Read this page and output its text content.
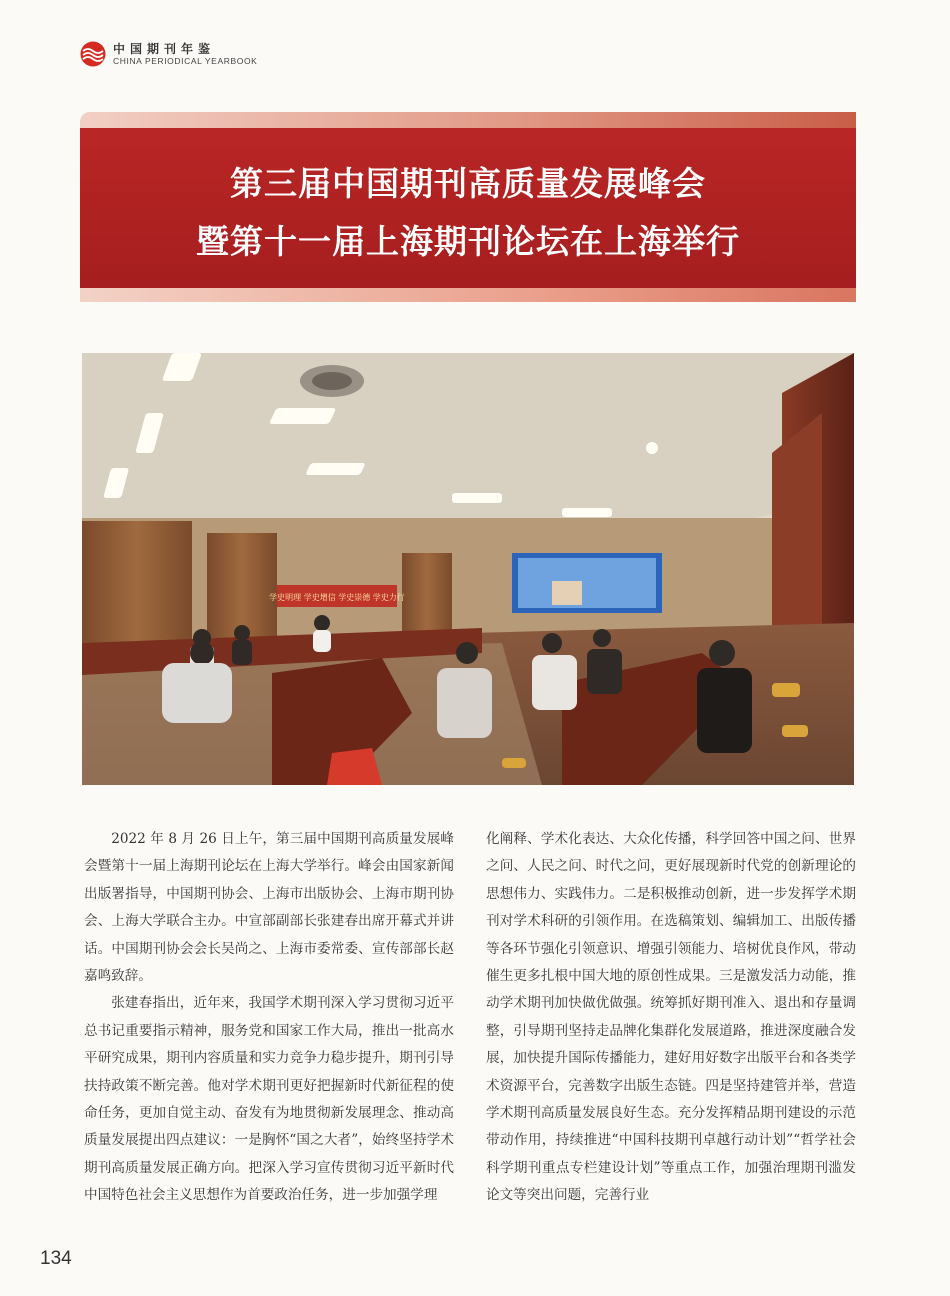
中国期刊年鉴
CHINA PERIODICAL YEARBOOK
第三届中国期刊高质量发展峰会
暨第十一届上海期刊论坛在上海举行
学史明理 学史增信 学史崇德 学史力行

2022 年 8 月 26 日上午，第三届中国期刊高质量发展峰会暨第十一届上海期刊论坛在上海大学举行。峰会由国家新闻出版署指导，中国期刊协会、上海市出版协会、上海市期刊协会、上海大学联合主办。中宣部副部长张建春出席开幕式并讲话。中国期刊协会会长吴尚之、上海市委常委、宣传部部长赵嘉鸣致辞。

张建春指出，近年来，我国学术期刊深入学习贯彻习近平总书记重要指示精神，服务党和国家工作大局，推出一批高水平研究成果，期刊内容质量和实力竞争力稳步提升，期刊引导扶持政策不断完善。他对学术期刊更好把握新时代新征程的使命任务，更加自觉主动、奋发有为地贯彻新发展理念、推动高质量发展提出四点建议：一是胸怀“国之大者”，始终坚持学术期刊高质量发展正确方向。把深入学习宣传贯彻习近平新时代中国特色社会主义思想作为首要政治任务，进一步加强学理

化阐释、学术化表达、大众化传播，科学回答中国之问、世界之问、人民之问、时代之问，更好展现新时代党的创新理论的思想伟力、实践伟力。二是积极推动创新，进一步发挥学术期刊对学术科研的引领作用。在选稿策划、编辑加工、出版传播等各环节强化引领意识、增强引领能力、培树优良作风，带动催生更多扎根中国大地的原创性成果。三是激发活力动能，推动学术期刊加快做优做强。统筹抓好期刊准入、退出和存量调整，引导期刊坚持走品牌化集群化发展道路，推进深度融合发展，加快提升国际传播能力，建好用好数字出版平台和各类学术资源平台，完善数字出版生态链。四是坚持建管并举，营造学术期刊高质量发展良好生态。充分发挥精品期刊建设的示范带动作用，持续推进“中国科技期刊卓越行动计划”“哲学社会科学期刊重点专栏建设计划”等重点工作，加强治理期刊滥发论文等突出问题，完善行业

134
